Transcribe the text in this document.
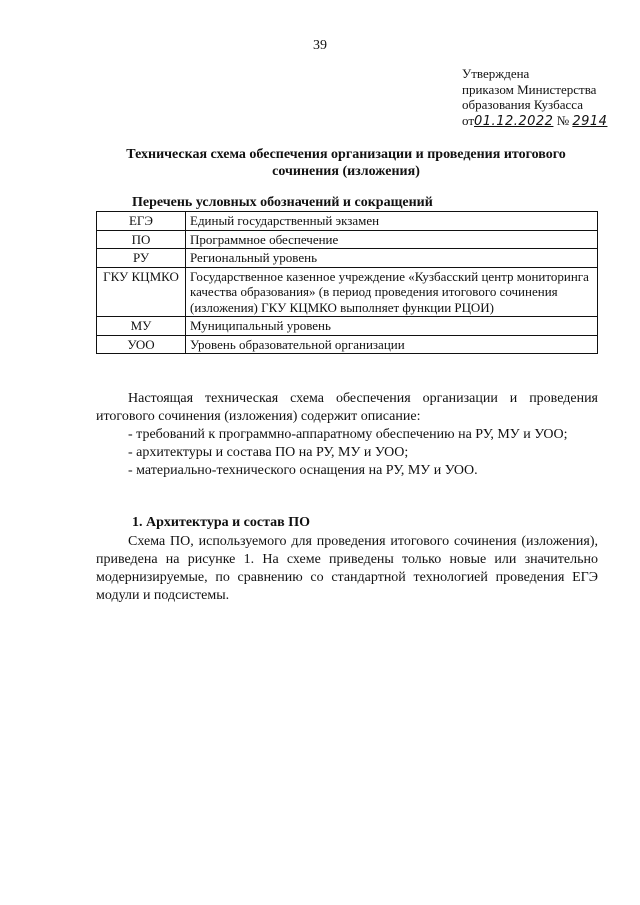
39
Утверждена
приказом Министерства
образования Кузбасса
от01.12.2022 № 2914
Техническая схема обеспечения организации и проведения итогового сочинения (изложения)
Перечень условных обозначений и сокращений
ЕГЭ	Единый государственный экзамен
ПО	Программное обеспечение
РУ	Региональный уровень
ГКУ КЦМКО	Государственное казенное учреждение «Кузбасский центр мониторинга качества образования» (в период проведения итогового сочинения (изложения) ГКУ КЦМКО выполняет функции РЦОИ)
МУ	Муниципальный уровень
УОО	Уровень образовательной организации

Настоящая техническая схема обеспечения организации и проведения итогового сочинения (изложения) содержит описание:

- требований к программно-аппаратному обеспечению на РУ, МУ и УОО;

- архитектуры и состава ПО на РУ, МУ и УОО;

- материально-технического оснащения на РУ, МУ и УОО.

1. Архитектура и состав ПО

Схема ПО, используемого для проведения итогового сочинения (изложения), приведена на рисунке 1. На схеме приведены только новые или значительно модернизируемые, по сравнению со стандартной технологией проведения ЕГЭ модули и подсистемы.
